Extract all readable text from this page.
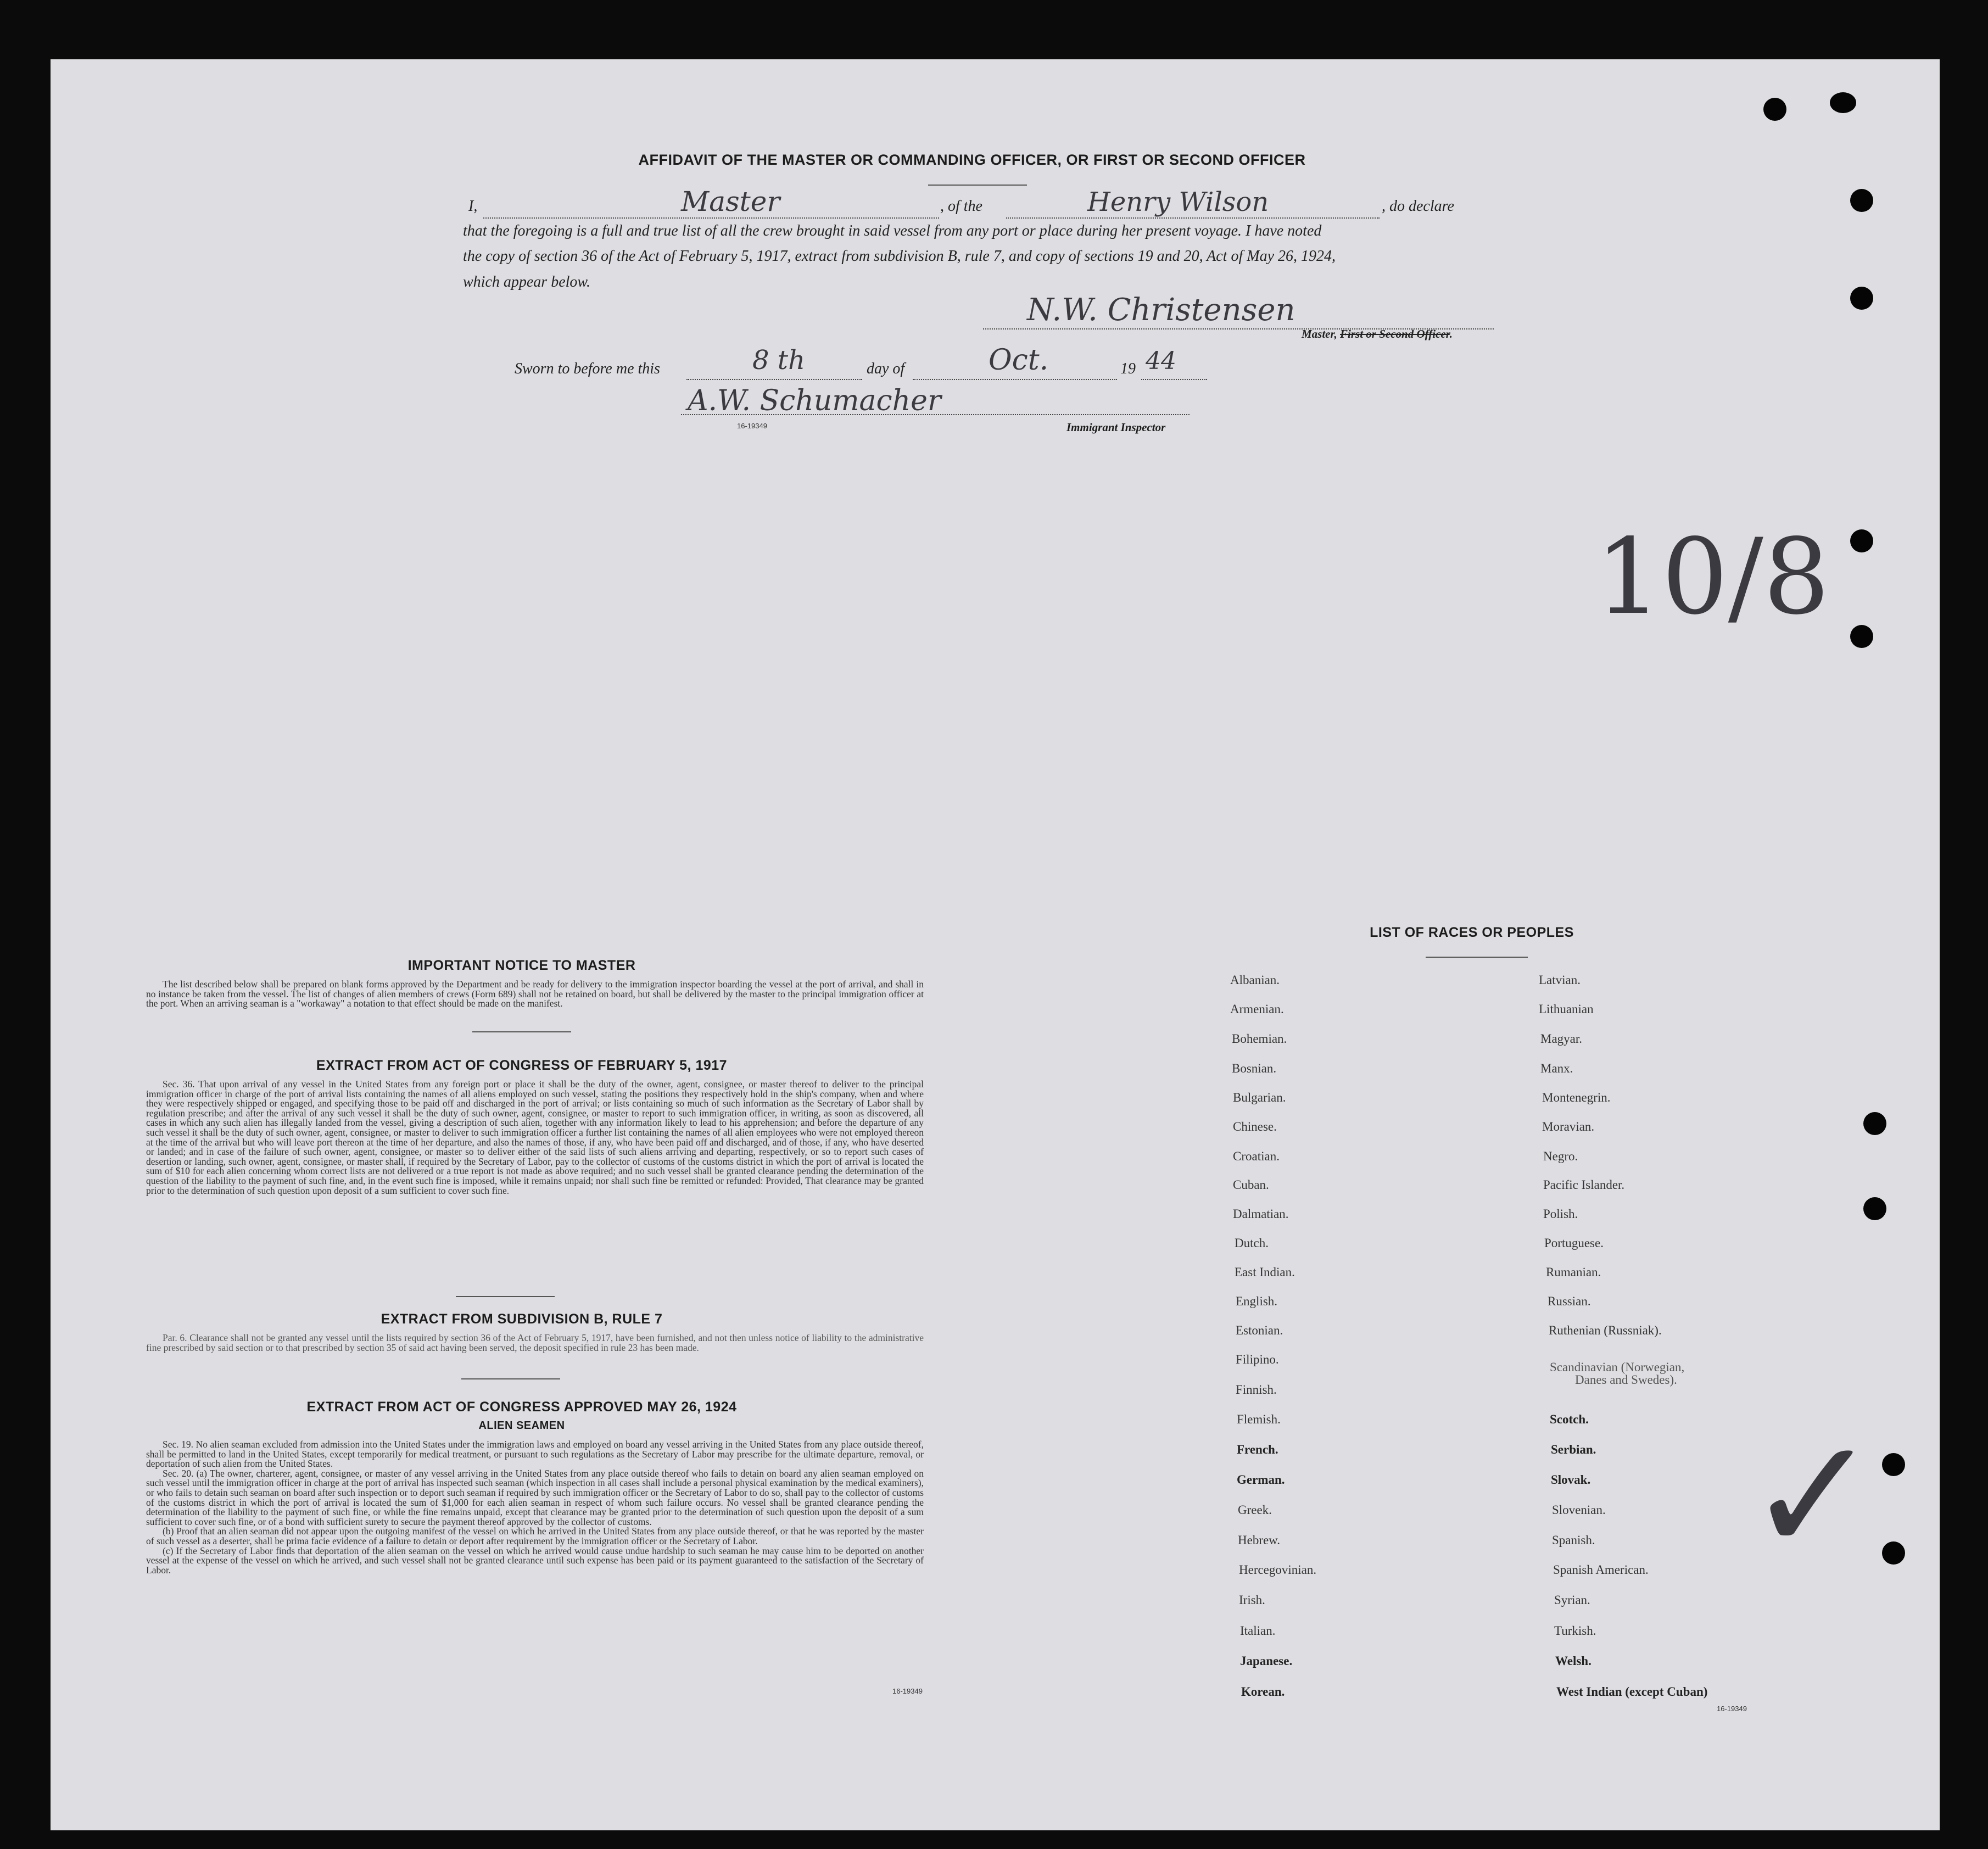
AFFIDAVIT OF THE MASTER OR COMMANDING OFFICER, OR FIRST OR SECOND OFFICER
I,	Master	, of the	Henry Wilson	, do declare
that the foregoing is a full and true list of all the crew brought in said vessel from any port or place during her present voyage. I have noted
the copy of section 36 of the Act of February 5, 1917, extract from subdivision B, rule 7, and copy of sections 19 and 20, Act of May 26, 1924,
which appear below.
N.W. Christensen
Master, First or Second Officer.
Sworn to before me this	8 th	day of	Oct.	19 44
A.W. Schumacher
16-19349	Immigrant Inspector
10/8
✓
IMPORTANT NOTICE TO MASTER
The list described below shall be prepared on blank forms approved by the Department and be ready for delivery to the immigration inspector boarding the vessel at the port of arrival, and shall in no instance be taken from the vessel. The list of changes of alien members of crews (Form 689) shall not be retained on board, but shall be delivered by the master to the principal immigration officer at the port. When an arriving seaman is a "workaway" a notation to that effect should be made on the manifest.
EXTRACT FROM ACT OF CONGRESS OF FEBRUARY 5, 1917
Sec. 36. That upon arrival of any vessel in the United States from any foreign port or place it shall be the duty of the owner, agent, consignee, or master thereof to deliver to the principal immigration officer in charge of the port of arrival lists containing the names of all aliens employed on such vessel, stating the positions they respectively hold in the ship's company, when and where they were respectively shipped or engaged, and specifying those to be paid off and discharged in the port of arrival; or lists containing so much of such information as the Secretary of Labor shall by regulation prescribe; and after the arrival of any such vessel it shall be the duty of such owner, agent, consignee, or master to report to such immigration officer, in writing, as soon as discovered, all cases in which any such alien has illegally landed from the vessel, giving a description of such alien, together with any information likely to lead to his apprehension; and before the departure of any such vessel it shall be the duty of such owner, agent, consignee, or master to deliver to such immigration officer a further list containing the names of all alien employees who were not employed thereon at the time of the arrival but who will leave port thereon at the time of her departure, and also the names of those, if any, who have been paid off and discharged, and of those, if any, who have deserted or landed; and in case of the failure of such owner, agent, consignee, or master so to deliver either of the said lists of such aliens arriving and departing, respectively, or so to report such cases of desertion or landing, such owner, agent, consignee, or master shall, if required by the Secretary of Labor, pay to the collector of customs of the customs district in which the port of arrival is located the sum of $10 for each alien concerning whom correct lists are not delivered or a true report is not made as above required; and no such vessel shall be granted clearance pending the determination of the question of the liability to the payment of such fine, and, in the event such fine is imposed, while it remains unpaid; nor shall such fine be remitted or refunded: Provided, That clearance may be granted prior to the determination of such question upon deposit of a sum sufficient to cover such fine.
EXTRACT FROM SUBDIVISION B, RULE 7
Par. 6. Clearance shall not be granted any vessel until the lists required by section 36 of the Act of February 5, 1917, have been furnished, and not then unless notice of liability to the administrative fine prescribed by said section or to that prescribed by section 35 of said act having been served, the deposit specified in rule 23 has been made.
EXTRACT FROM ACT OF CONGRESS APPROVED MAY 26, 1924
ALIEN SEAMEN
Sec. 19. No alien seaman excluded from admission into the United States under the immigration laws and employed on board any vessel arriving in the United States from any place outside thereof, shall be permitted to land in the United States, except temporarily for medical treatment, or pursuant to such regulations as the Secretary of Labor may prescribe for the ultimate departure, removal, or deportation of such alien from the United States.
Sec. 20. (a) The owner, charterer, agent, consignee, or master of any vessel arriving in the United States from any place outside thereof who fails to detain on board any alien seaman employed on such vessel until the immigration officer in charge at the port of arrival has inspected such seaman (which inspection in all cases shall include a personal physical examination by the medical examiners), or who fails to detain such seaman on board after such inspection or to deport such seaman if required by such immigration officer or the Secretary of Labor to do so, shall pay to the collector of customs of the customs district in which the port of arrival is located the sum of $1,000 for each alien seaman in respect of whom such failure occurs. No vessel shall be granted clearance pending the determination of the liability to the payment of such fine, or while the fine remains unpaid, except that clearance may be granted prior to the determination of such question upon the deposit of a sum sufficient to cover such fine, or of a bond with sufficient surety to secure the payment thereof approved by the collector of customs.
(b) Proof that an alien seaman did not appear upon the outgoing manifest of the vessel on which he arrived in the United States from any place outside thereof, or that he was reported by the master of such vessel as a deserter, shall be prima facie evidence of a failure to detain or deport after requirement by the immigration officer or the Secretary of Labor.
(c) If the Secretary of Labor finds that deportation of the alien seaman on the vessel on which he arrived would cause undue hardship to such seaman he may cause him to be deported on another vessel at the expense of the vessel on which he arrived, and such vessel shall not be granted clearance until such expense has been paid or its payment guaranteed to the satisfaction of the Secretary of Labor.
16-19349
LIST OF RACES OR PEOPLES
Albanian.
Armenian.
Bohemian.
Bosnian.
Bulgarian.
Chinese.
Croatian.
Cuban.
Dalmatian.
Dutch.
East Indian.
English.
Estonian.
Filipino.
Finnish.
Flemish.
French.
German.
Greek.
Hebrew.
Hercegovinian.
Irish.
Italian.
Japanese.
Korean.
Latvian.
Lithuanian
Magyar.
Manx.
Montenegrin.
Moravian.
Negro.
Pacific Islander.
Polish.
Portuguese.
Rumanian.
Russian.
Ruthenian (Russniak).
Scandinavian (Norwegian,
Danes and Swedes).
Scotch.
Serbian.
Slovak.
Slovenian.
Spanish.
Spanish American.
Syrian.
Turkish.
Welsh.
West Indian (except Cuban)
16-19349
